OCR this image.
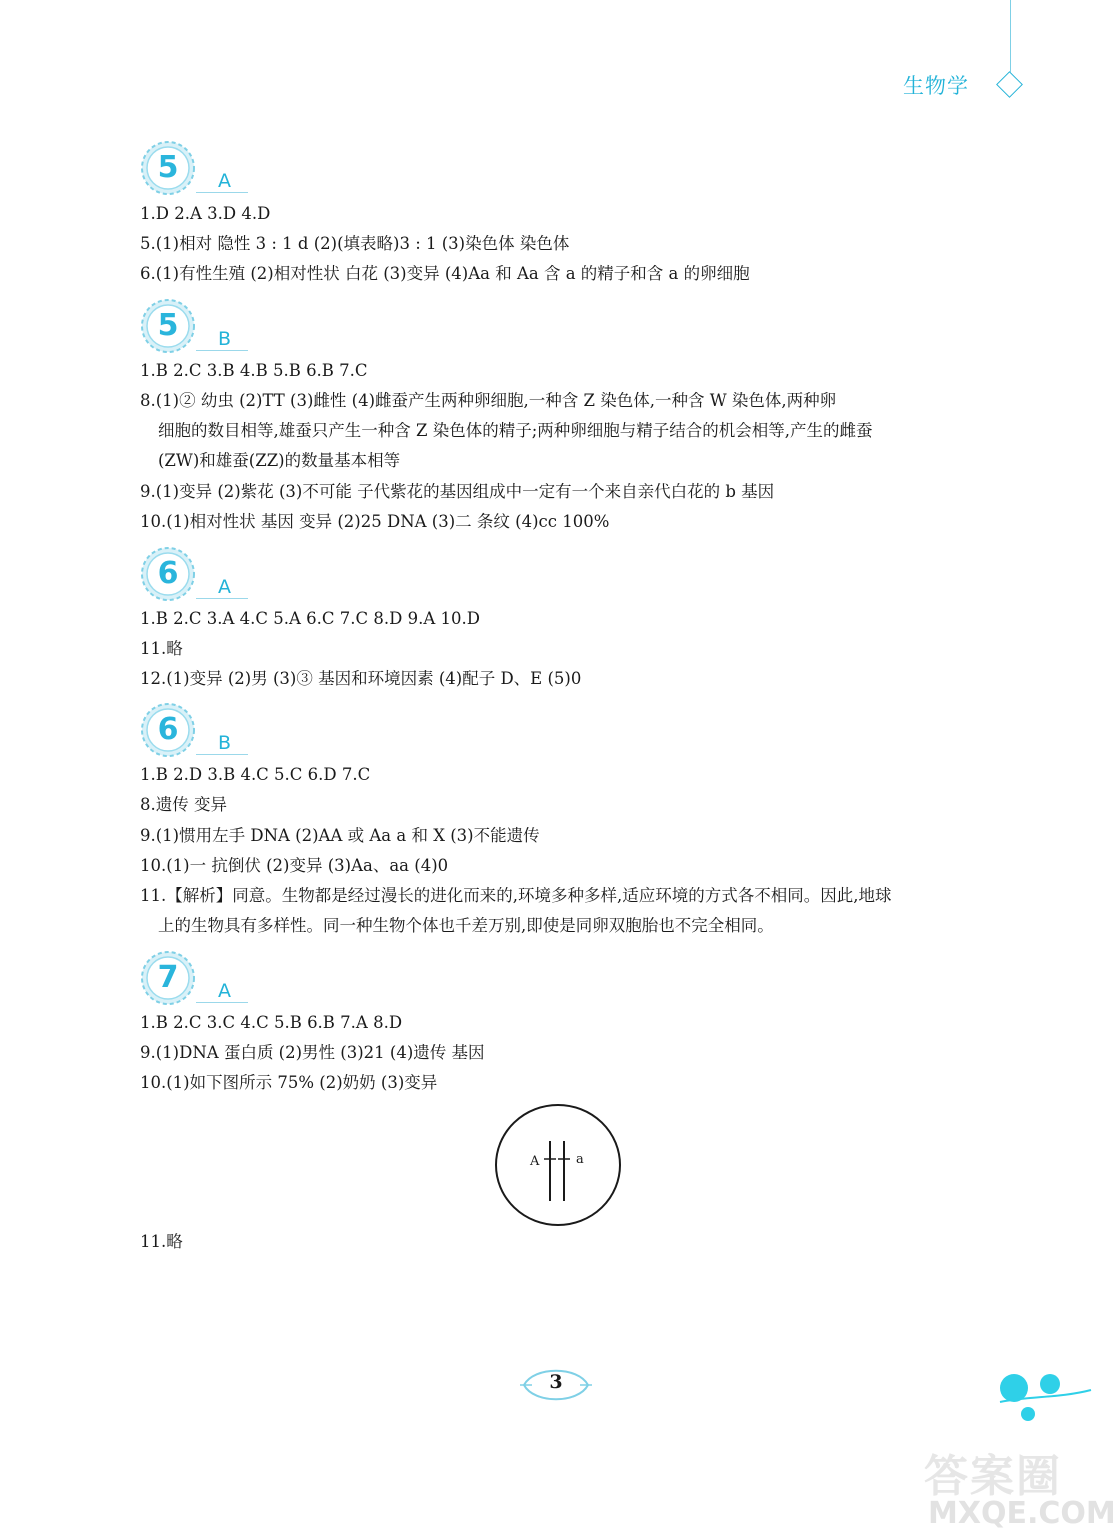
生物学
5	A
1.D 2.A 3.D 4.D
5.(1)相对 隐性 3 : 1 d (2)(填表略)3 : 1 (3)染色体 染色体
6.(1)有性生殖 (2)相对性状 白花 (3)变异 (4)Aa 和 Aa 含 a 的精子和含 a 的卵细胞
5	B
1.B 2.C 3.B 4.B 5.B 6.B 7.C
8.(1)② 幼虫 (2)TT (3)雌性 (4)雌蚕产生两种卵细胞,一种含 Z 染色体,一种含 W 染色体,两种卵
细胞的数目相等,雄蚕只产生一种含 Z 染色体的精子;两种卵细胞与精子结合的机会相等,产生的雌蚕
(ZW)和雄蚕(ZZ)的数量基本相等
9.(1)变异 (2)紫花 (3)不可能 子代紫花的基因组成中一定有一个来自亲代白花的 b 基因
10.(1)相对性状 基因 变异 (2)25 DNA (3)二 条纹 (4)cc 100%
6	A
1.B 2.C 3.A 4.C 5.A 6.C 7.C 8.D 9.A 10.D
11.略
12.(1)变异 (2)男 (3)③ 基因和环境因素 (4)配子 D、E (5)0
6	B
1.B 2.D 3.B 4.C 5.C 6.D 7.C
8.遗传 变异
9.(1)惯用左手 DNA (2)AA 或 Aa a 和 X (3)不能遗传
10.(1)一 抗倒伏 (2)变异 (3)Aa、aa (4)0
11.【解析】同意。生物都是经过漫长的进化而来的,环境多种多样,适应环境的方式各不相同。因此,地球
上的生物具有多样性。同一种生物个体也千差万别,即使是同卵双胞胎也不完全相同。
7	A
1.B 2.C 3.C 4.C 5.B 6.B 7.A 8.D
9.(1)DNA 蛋白质 (2)男性 (3)21 (4)遗传 基因
10.(1)如下图所示 75% (2)奶奶 (3)变异
A	a
11.略
3
答案圈
MXQE.COM
